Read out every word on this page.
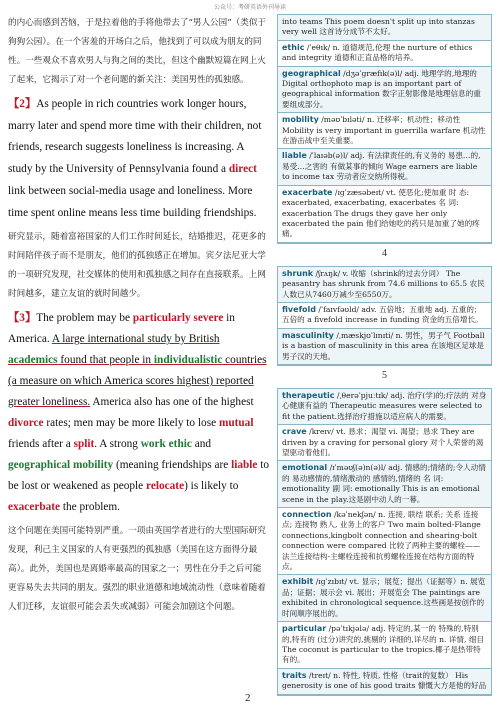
公众号：考研英语外刊导读

的内心而感到苦恼，于是拉着他的手将他带去了“男人公园”（类似于狗狗公园）。在一个害羞的开场白之后，他找到了可以成为朋友的同性。一些观众不喜欢男人与狗之间的类比，但这个幽默短篇在网上火了起来，它揭示了对一个老问题的新关注：美国男性的孤独感。

【2】As people in rich countries work longer hours, marry later and spend more time with their children, not friends, research suggests loneliness is increasing. A study by the University of Pennsylvania found a direct link between social-media usage and loneliness. More time spent online means less time building friendships.

研究显示，随着富裕国家的人们工作时间延长，结婚推迟，花更多的时间陪伴孩子而不是朋友，他们的孤独感正在增加。宾夕法尼亚大学的一项研究发现，社交媒体的使用和孤独感之间存在直接联系。上网时间越多，建立友谊的就时间越少。

【3】The problem may be particularly severe in America. A large international study by British academics found that people in individualistic countries (a measure on which America scores highest) reported greater loneliness. America also has one of the highest divorce rates; men may be more likely to lose mutual friends after a split. A strong work ethic and geographical mobility (meaning friendships are liable to be lost or weakened as people relocate) is likely to exacerbate the problem.

这个问题在美国可能特别严重。一项由英国学者进行的大型国际研究发现，利己主义国家的人有更强烈的孤独感（美国在这方面得分最高）。此外，美国也是离婚率最高的国家之一；男性在分手之后可能更容易失去共同的朋友。强烈的职业道德和地域流动性（意味着随着人们迁移，友谊很可能会丢失或减弱）可能会加剧这个问题。

into teams This poem doesn't split up into stanzas very well 这首诗分成节不太好。
ethic /ˈeθɪk/ n. 道德规范,伦理 the nurture of ethics and integrity 道德和正直品格的培养。
geographical /dʒəˈɡræfɪk(ə)l/ adj. 地理学的,地理的 Digital orthophoto map is an important part of geographical information 数字正射影像是地理信息的重要组成部分。
mobility /məʊˈbɪləti/ n. 迁移率；机动性；移动性 Mobility is very important in guerrilla warfare 机动性在游击战中至关重要。
liable /ˈlaɪəb(ə)l/ adj. 有法律责任的,有义务的 易患…的,易受…之害的 有做某事的倾向 Wage earners are liable to income tax 劳动者应交纳所得税。
exacerbate /ɪɡˈzæsəbeɪt/ vt. 使恶化;使加重 时 态: exacerbated, exacerbating, exacerbates 名 词: exacerbation The drugs they gave her only exacerbated the pain 他们给她吃的药只是加重了她的疼痛。
4
shrunk /ʃrʌŋk/ v. 收缩（shrink的过去分词） The peasantry has shrunk from 74.6 millions to 65.5 农民人数已从7460万减少至6550万。
fivefold /ˈfaɪvfəʊld/ adv. 五倍地；五重地 adj. 五重的；五倍的 a fivefold increase in funding 资金的五倍增长。
masculinity /ˌmæskjʊˈlɪnɪti/ n. 男性，男子气 Football is a bastion of masculinity in this area 在该地区足球是男子汉的天地。
5
therapeutic /ˌθerəˈpjuːtɪk/ adj. 治疗(学)的;疗法的 对身心健康有益的 Therapeutic measures were selected to fit the patient.选择治疗措施以适应病人的需要。
crave /kreɪv/ vt. 恳求；渴望 vi. 渴望；恳求 They are driven by a craving for personal glory 对个人荣誉的渴望驱动着他们。
emotional /ɪˈməʊʃ(ə)n(ə)l/ adj. 情感的;情绪的;令人动情的 易动感情的,情绪激动的 感情的,情绪的 名 词: emotionality 副 词: emotionally This is an emotional scene in the play.这是剧中动人的一幕。
connection /kəˈnekʃən/ n. 连接, 联结 联系; 关系 连接点; 连接物 熟人, 业务上的客户 Two main bolted-Flange connections,kingbolt connection and shearing-bolt connection were compared 比较了两种主要的螺栓——法兰连接结构-主螺栓连接和抗剪螺栓连接在结构方面的特点。
exhibit /ɪɡˈzɪbɪt/ vt. 显示；展览；提出（证据等）n. 展览品；证据；展示会 vi. 展出；开展览会 The paintings are exhibited in chronological sequence.这些画是按创作的时间顺序展出的。
particular /pəˈtɪkjələ/ adj. 特定的,某一的 特殊的,特别的,特有的 (过分)讲究的,挑剔的 详细的,详尽的 n. 详情, 细目 The coconut is particular to the tropics.椰子是热带特有的。
traits /treɪt/ n. 特性, 特质, 性格（trait的复数） His generosity is one of his good traits 慷慨大方是他的好品
2
